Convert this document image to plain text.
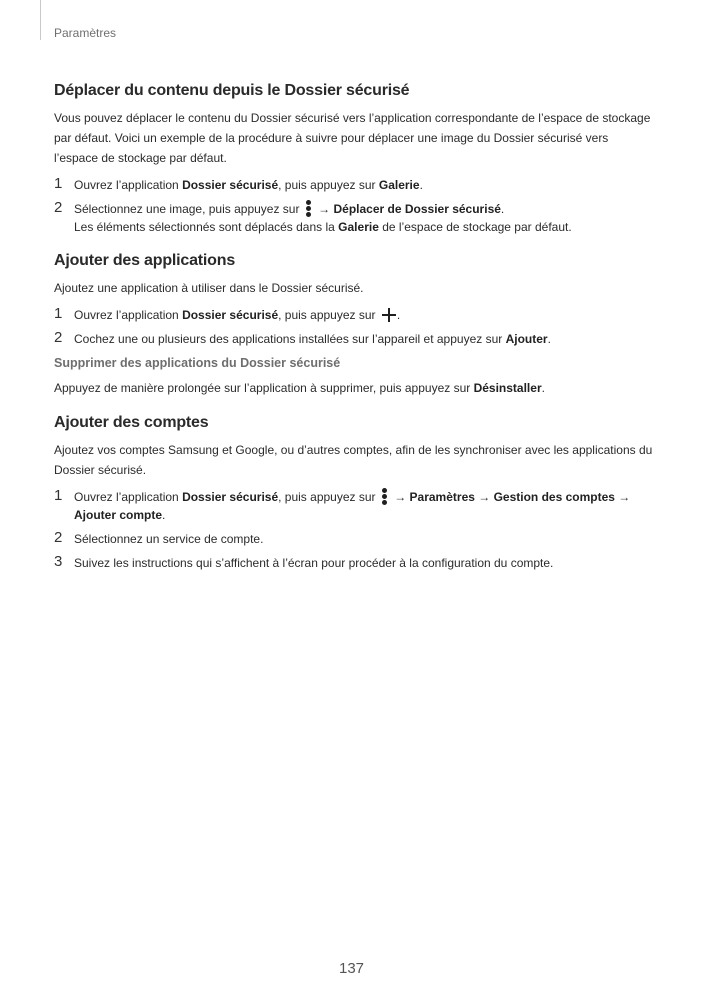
Paramètres
Déplacer du contenu depuis le Dossier sécurisé

Vous pouvez déplacer le contenu du Dossier sécurisé vers l’application correspondante de l’espace de stockage par défaut. Voici un exemple de la procédure à suivre pour déplacer une image du Dossier sécurisé vers l’espace de stockage par défaut.

1 Ouvrez l’application Dossier sécurisé, puis appuyez sur Galerie.
2 Sélectionnez une image, puis appuyez sur
→ Déplacer de Dossier sécurisé.
Les éléments sélectionnés sont déplacés dans la Galerie de l’espace de stockage par défaut.
Ajouter des applications

Ajoutez une application à utiliser dans le Dossier sécurisé.

1 Ouvrez l’application Dossier sécurisé, puis appuyez sur .
2 Cochez une ou plusieurs des applications installées sur l’appareil et appuyez sur Ajouter.
Supprimer des applications du Dossier sécurisé

Appuyez de manière prolongée sur l’application à supprimer, puis appuyez sur Désinstaller.

Ajouter des comptes

Ajoutez vos comptes Samsung et Google, ou d’autres comptes, afin de les synchroniser avec les applications du Dossier sécurisé.

1 Ouvrez l’application Dossier sécurisé, puis appuyez sur
→ Paramètres → Gestion des comptes →
Ajouter compte.
2 Sélectionnez un service de compte.
3 Suivez les instructions qui s’affichent à l’écran pour procéder à la configuration du compte.
137
